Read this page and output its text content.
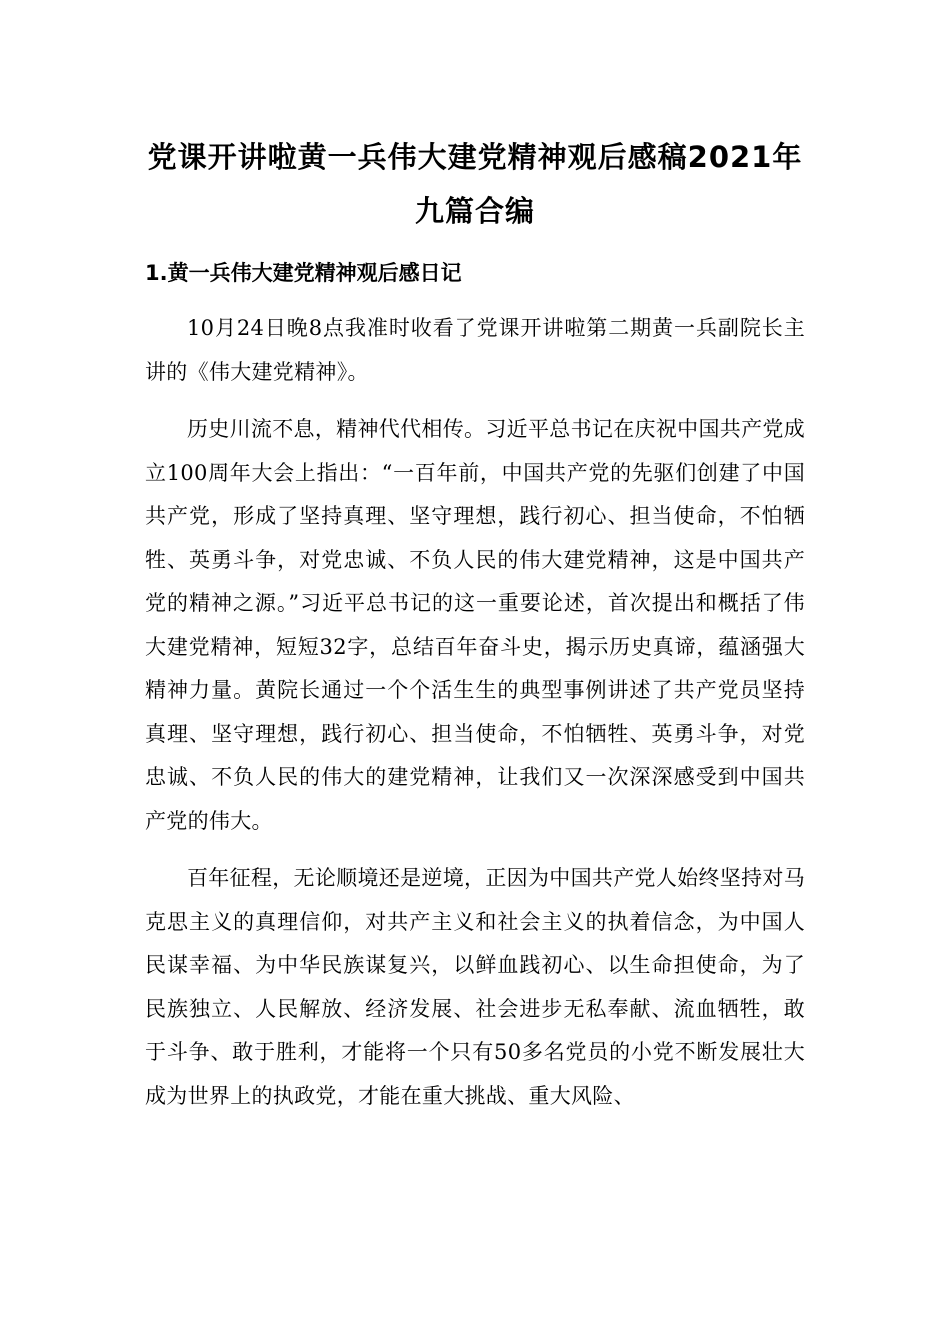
党课开讲啦黄一兵伟大建党精神观后感稿2021年九篇合编
1.黄一兵伟大建党精神观后感日记

10月24日晚8点我准时收看了党课开讲啦第二期黄一兵副院长主讲的《伟大建党精神》。

历史川流不息，精神代代相传。习近平总书记在庆祝中国共产党成立100周年大会上指出：“一百年前，中国共产党的先驱们创建了中国共产党，形成了坚持真理、坚守理想，践行初心、担当使命，不怕牺牲、英勇斗争，对党忠诚、不负人民的伟大建党精神，这是中国共产党的精神之源。”习近平总书记的这一重要论述，首次提出和概括了伟大建党精神，短短32字，总结百年奋斗史，揭示历史真谛，蕴涵强大精神力量。黄院长通过一个个活生生的典型事例讲述了共产党员坚持真理、坚守理想，践行初心、担当使命，不怕牺牲、英勇斗争，对党忠诚、不负人民的伟大的建党精神，让我们又一次深深感受到中国共产党的伟大。

百年征程，无论顺境还是逆境，正因为中国共产党人始终坚持对马克思主义的真理信仰，对共产主义和社会主义的执着信念，为中国人民谋幸福、为中华民族谋复兴，以鲜血践初心、以生命担使命，为了民族独立、人民解放、经济发展、社会进步无私奉献、流血牺牲，敢于斗争、敢于胜利，才能将一个只有50多名党员的小党不断发展壮大成为世界上的执政党，才能在重大挑战、重大风险、
